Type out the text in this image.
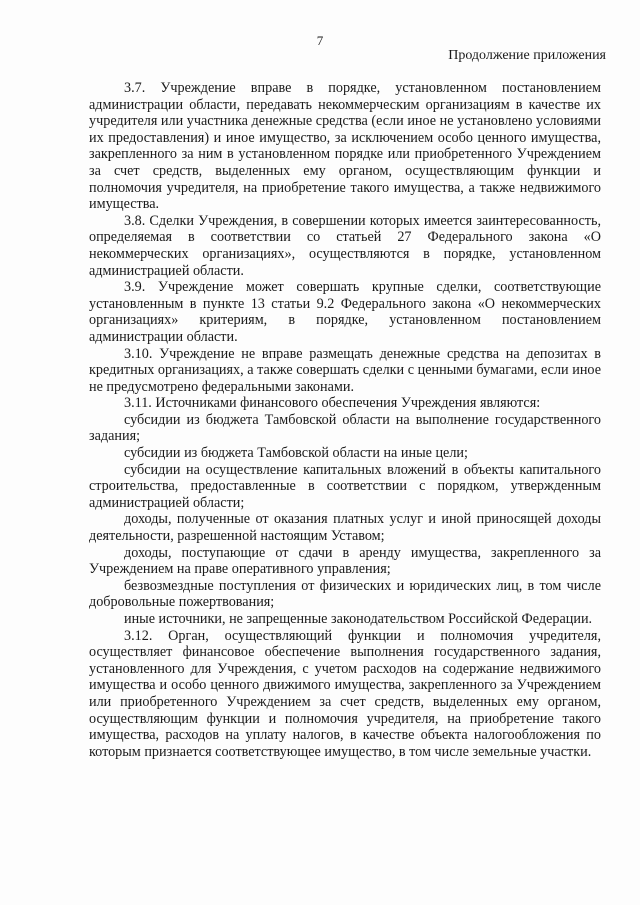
7
Продолжение приложения

3.7. Учреждение вправе в порядке, установленном постановлением администрации области, передавать некоммерческим организациям в качестве их учредителя или участника денежные средства (если иное не установлено условиями их предоставления) и иное имущество, за исключением особо ценного имущества, закрепленного за ним в установленном порядке или приобретенного Учреждением за счет средств, выделенных ему органом, осуществляющим функции и полномочия учредителя, на приобретение такого имущества, а также недвижимого имущества.

3.8. Сделки Учреждения, в совершении которых имеется заинтересованность, определяемая в соответствии со статьей 27 Федерального закона «О некоммерческих организациях», осуществляются в порядке, установленном администрацией области.

3.9. Учреждение может совершать крупные сделки, соответствующие установленным в пункте 13 статьи 9.2 Федерального закона «О некоммерческих организациях» критериям, в порядке, установленном постановлением администрации области.

3.10. Учреждение не вправе размещать денежные средства на депозитах в кредитных организациях, а также совершать сделки с ценными бумагами, если иное не предусмотрено федеральными законами.

3.11. Источниками финансового обеспечения Учреждения являются:

субсидии из бюджета Тамбовской области на выполнение государственного задания;

субсидии из бюджета Тамбовской области на иные цели;

субсидии на осуществление капитальных вложений в объекты капитального строительства, предоставленные в соответствии с порядком, утвержденным администрацией области;

доходы, полученные от оказания платных услуг и иной приносящей доходы деятельности, разрешенной настоящим Уставом;

доходы, поступающие от сдачи в аренду имущества, закрепленного за Учреждением на праве оперативного управления;

безвозмездные поступления от физических и юридических лиц, в том числе добровольные пожертвования;

иные источники, не запрещенные законодательством Российской Федерации.

3.12. Орган, осуществляющий функции и полномочия учредителя, осуществляет финансовое обеспечение выполнения государственного задания, установленного для Учреждения, с учетом расходов на содержание недвижимого имущества и особо ценного движимого имущества, закрепленного за Учреждением или приобретенного Учреждением за счет средств, выделенных ему органом, осуществляющим функции и полномочия учредителя, на приобретение такого имущества, расходов на уплату налогов, в качестве объекта налогообложения по которым признается соответствующее имущество, в том числе земельные участки.
